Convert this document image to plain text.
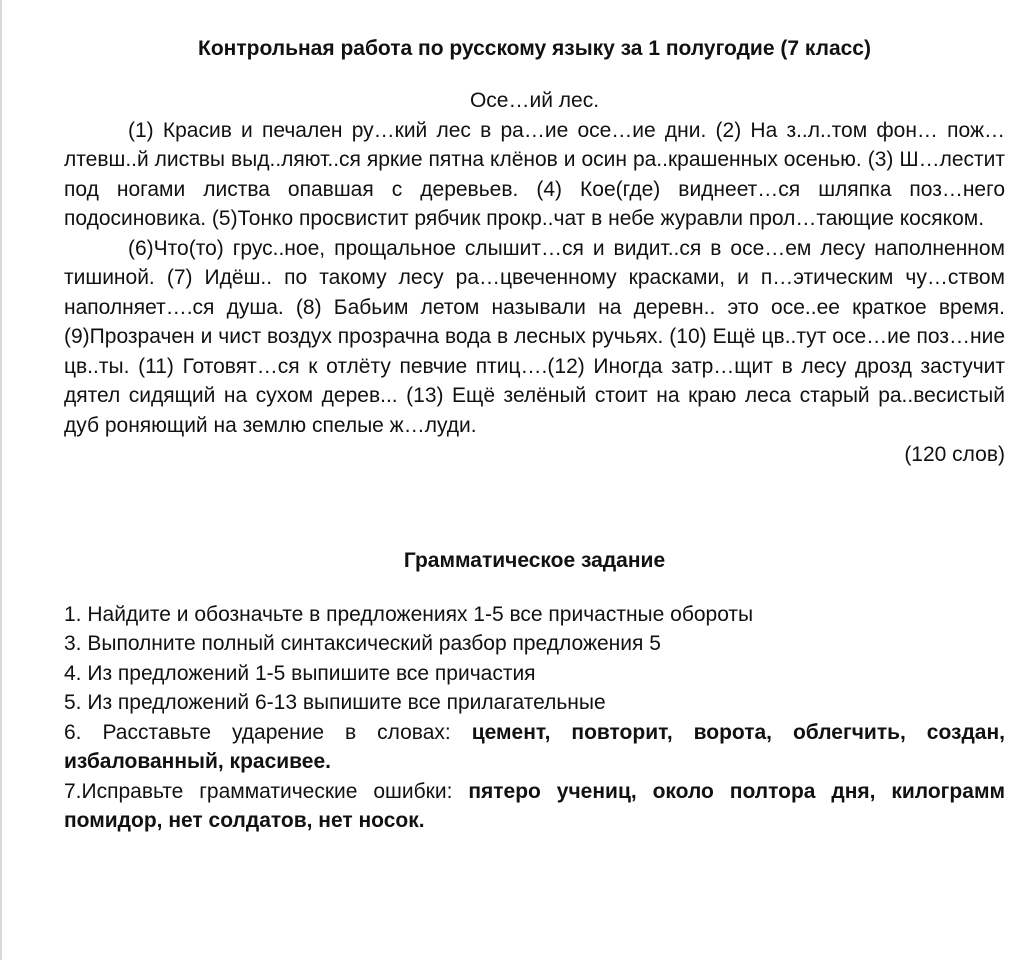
Контрольная работа по русскому языку за 1 полугодие (7 класс)
Осе…ий лес.

(1) Красив и печален ру…кий лес в ра…ие осе…ие дни. (2) На з..л..том фон… пож…лтевш..й листвы выд..ляют..ся яркие пятна клёнов и осин ра..крашенных осенью. (3) Ш…лестит под ногами листва опавшая с деревьев. (4) Кое(где) виднеет…ся шляпка поз…него подосиновика. (5)Тонко просвистит рябчик прокр..чат в небе журавли прол…тающие косяком.

(6)Что(то) грус..ное, прощальное слышит…ся и видит..ся в осе…ем лесу наполненном тишиной. (7) Идёш.. по такому лесу ра…цвеченному красками, и п…этическим чу…ством наполняет….ся душа. (8) Бабьим летом называли на деревн.. это осе..ее краткое время. (9)Прозрачен и чист воздух прозрачна вода в лесных ручьях. (10) Ещё цв..тут осе…ие поз…ние цв..ты. (11) Готовят…ся к отлёту певчие птиц….(12) Иногда затр…щит в лесу дрозд застучит дятел сидящий на сухом дерев... (13) Ещё зелёный стоит на краю леса старый ра..весистый дуб роняющий на землю спелые ж…луди.

(120 слов)
Грамматическое задание
1. Найдите и обозначьте в предложениях 1-5 все причастные обороты
3. Выполните полный синтаксический разбор предложения 5
4. Из предложений 1-5 выпишите все причастия
5. Из предложений 6-13 выпишите все прилагательные
6. Расставьте ударение в словах: цемент, повторит, ворота, облегчить, создан, избалованный, красивее.
7.Исправьте грамматические ошибки: пятеро учениц, около полтора дня, килограмм помидор, нет солдатов, нет носок.
